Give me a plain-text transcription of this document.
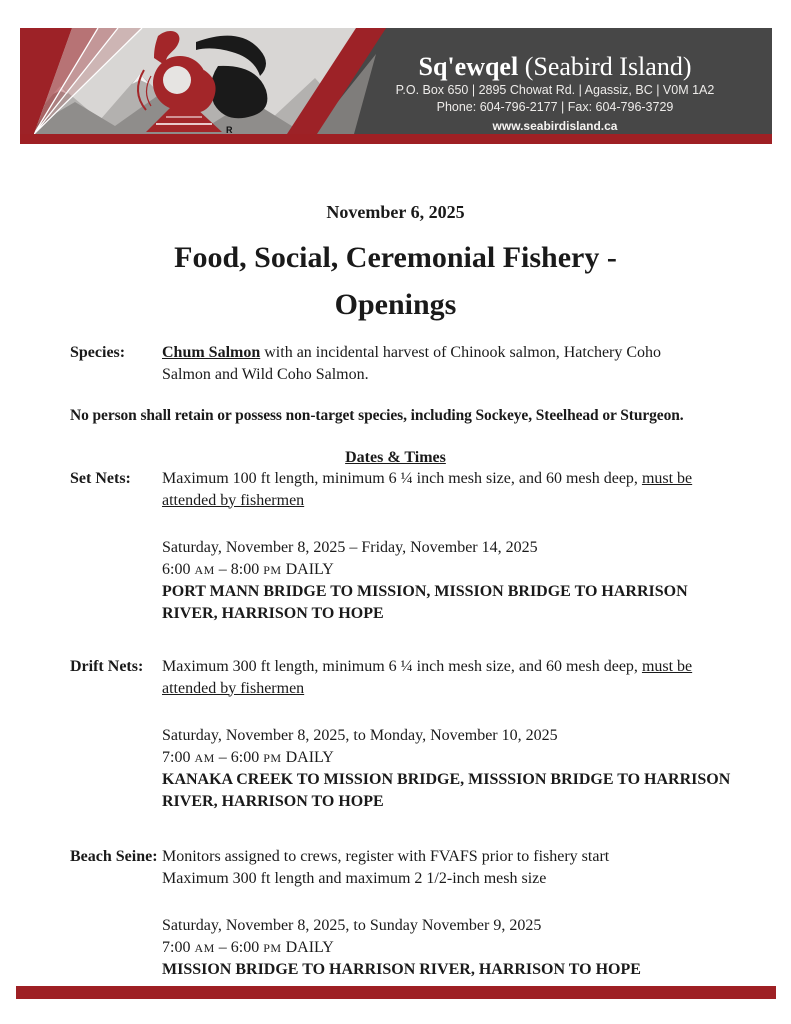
R
Sq'ewqel (Seabird Island)
P.O. Box 650 | 2895 Chowat Rd. | Agassiz, BC | V0M 1A2
Phone: 604-796-2177 | Fax: 604-796-3729
www.seabirdisland.ca
November 6, 2025
Food, Social, Ceremonial Fishery -
Openings
Species:	Chum Salmon with an incidental harvest of Chinook salmon, Hatchery Coho
Salmon and Wild Coho Salmon.
No person shall retain or possess non-target species, including Sockeye, Steelhead or Sturgeon.
Dates & Times
Set Nets:	Maximum 100 ft length, minimum 6 ¼ inch mesh size, and 60 mesh deep, must be
attended by fishermen
Saturday, November 8, 2025 – Friday, November 14, 2025
6:00 AM – 8:00 PM DAILY
PORT MANN BRIDGE TO MISSION, MISSION BRIDGE TO HARRISON
RIVER, HARRISON TO HOPE
Drift Nets:	Maximum 300 ft length, minimum 6 ¼ inch mesh size, and 60 mesh deep, must be
attended by fishermen
Saturday, November 8, 2025, to Monday, November 10, 2025
7:00 AM – 6:00 PM DAILY
KANAKA CREEK TO MISSION BRIDGE, MISSSION BRIDGE TO HARRISON
RIVER, HARRISON TO HOPE
Beach Seine: Monitors assigned to crews, register with FVAFS prior to fishery start
Maximum 300 ft length and maximum 2 1/2-inch mesh size
Saturday, November 8, 2025, to Sunday November 9, 2025
7:00 AM – 6:00 PM DAILY
MISSION BRIDGE TO HARRISON RIVER, HARRISON TO HOPE
